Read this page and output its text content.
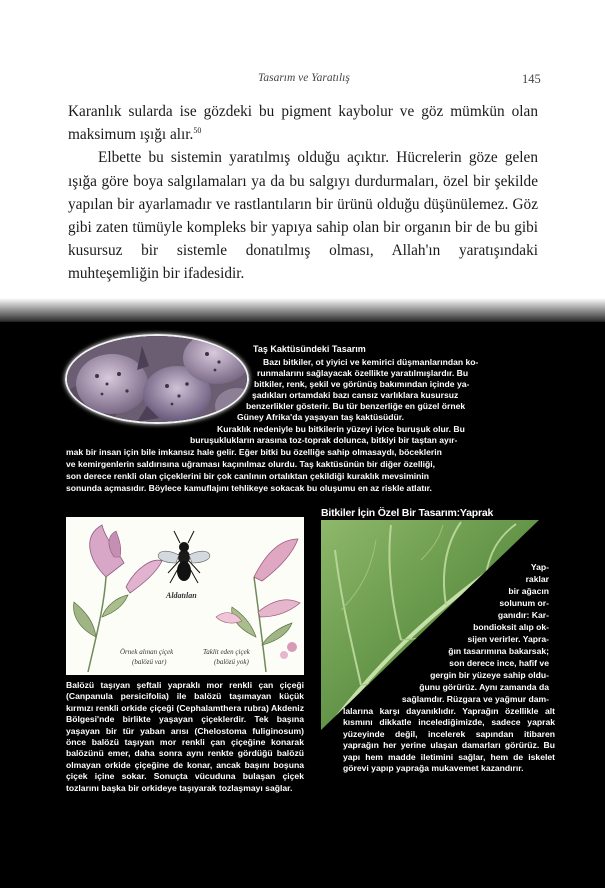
Tasarım ve Yaratılış	145

Karanlık sularda ise gözdeki bu pigment kaybolur ve göz mümkün olan maksimum ışığı alır.$^{50}$

Elbette bu sistemin yaratılmış olduğu açıktır. Hücrelerin göze gelen ışığa göre boya salgılamaları ya da bu salgıyı durdurmaları, özel bir şekilde yapılan bir ayarlamadır ve rastlantıların bir ürünü olduğu düşünülemez. Göz gibi zaten tümüyle kompleks bir yapıya sahip olan bir organın bir de bu gibi kusursuz bir sistemle donatılmış olması, Allah'ın yaratışındaki muhteşemliğin bir ifadesidir.

Taş Kaktüsündeki Tasarım
Bazı bitkiler, ot yiyici ve kemirici düşmanlarından ko-
runmalarını sağlayacak özellikte yaratılmışlardır. Bu
bitkiler, renk, şekil ve görünüş bakımından içinde ya-
şadıkları ortamdaki bazı cansız varlıklara kusursuz
benzerlikler gösterir. Bu tür benzerliğe en güzel örnek
Güney Afrika'da yaşayan taş kaktüsüdür.
Kuraklık nedeniyle bu bitkilerin yüzeyi iyice buruşuk olur. Bu
buruşuklukların arasına toz-toprak dolunca, bitkiyi bir taştan ayır-
mak bir insan için bile imkansız hale gelir. Eğer bitki bu özelliğe sahip olmasaydı, böceklerin
ve kemirgenlerin saldırısına uğraması kaçınılmaz olurdu. Taş kaktüsünün bir diğer özelliği,
son derece renkli olan çiçeklerini bir çok canlının ortalıktan çekildiği kuraklık mevsiminin
sonunda açmasıdır. Böylece kamuflajını tehlikeye sokacak bu oluşumu en az riskle atlatır.
Bitkiler İçin Özel Bir Tasarım:Yaprak
Aldatılan
Örnek alınan çiçek
(balözü var)
Taklit eden çiçek
(balözü yok)

Balözü taşıyan şeftali yapraklı mor renkli çan çiçeği (Canpanula persicifolia) ile balözü taşımayan küçük kırmızı renkli orkide çiçeği (Cephalamthera rubra) Akdeniz Bölgesi'nde birlikte yaşayan çiçeklerdir. Tek başına yaşayan bir tür yaban arısı (Chelostoma fuliginosum) önce balözü taşıyan mor renkli çan çiçeğine konarak balözünü emer, daha sonra aynı renkte gördüğü balözü olmayan orkide çiçeğine de konar, ancak başını boşuna çiçek içine sokar. Sonuçta vücuduna bulaşan çiçek tozlarını başka bir orkideye taşıyarak tozlaşmayı sağlar.

Yap-
raklar
bir ağacın
solunum or-
ganıdır: Kar-
bondioksit alıp ok-
sijen verirler. Yapra-
ğın tasarımına bakarsak;
son derece ince, hafif ve
gergin bir yüzeye sahip oldu-
ğunu görürüz. Aynı zamanda da
sağlamdır. Rüzgara ve yağmur dam-

lalarına karşı dayanıklıdır. Yaprağın özellikle alt kısmını dikkatle incelediğimizde, sadece yaprak yüzeyinde değil, incelerek sapından itibaren yaprağın her yerine ulaşan damarları görürüz. Bu yapı hem madde iletimini sağlar, hem de iskelet görevi yapıp yaprağa mukavemet kazandırır.
